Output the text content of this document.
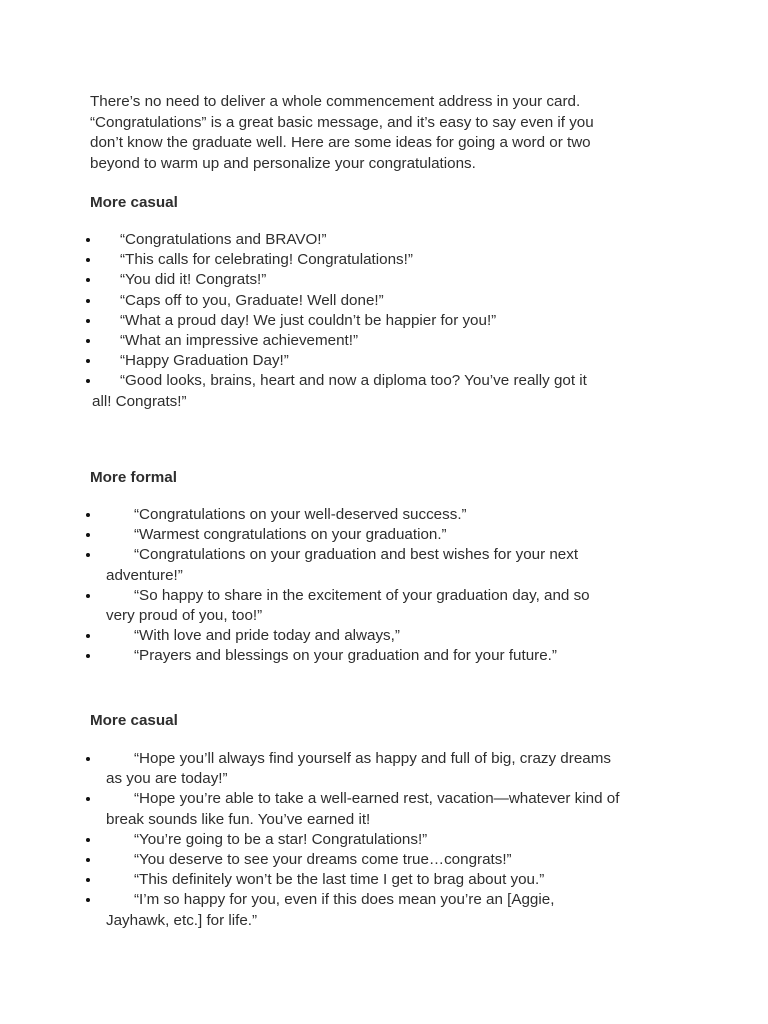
There’s no need to deliver a whole commencement address in your card.
“Congratulations” is a great basic message, and it’s easy to say even if you
don’t know the graduate well. Here are some ideas for going a word or two
beyond to warm up and personalize your congratulations.
More casual
“Congratulations and BRAVO!”
“This calls for celebrating! Congratulations!”
“You did it! Congrats!”
“Caps off to you, Graduate! Well done!”
“What a proud day! We just couldn’t be happier for you!”
“What an impressive achievement!”
“Happy Graduation Day!”
“Good looks, brains, heart and now a diploma too? You’ve really got it
all! Congrats!”
More formal
“Congratulations on your well-deserved success.”
“Warmest congratulations on your graduation.”
“Congratulations on your graduation and best wishes for your next
adventure!”
“So happy to share in the excitement of your graduation day, and so
very proud of you, too!”
“With love and pride today and always,”
“Prayers and blessings on your graduation and for your future.”
More casual
“Hope you’ll always find yourself as happy and full of big, crazy dreams
as you are today!”
“Hope you’re able to take a well-earned rest, vacation—whatever kind of
break sounds like fun. You’ve earned it!
“You’re going to be a star! Congratulations!”
“You deserve to see your dreams come true…congrats!”
“This definitely won’t be the last time I get to brag about you.”
“I’m so happy for you, even if this does mean you’re an [Aggie,
Jayhawk, etc.] for life.”
